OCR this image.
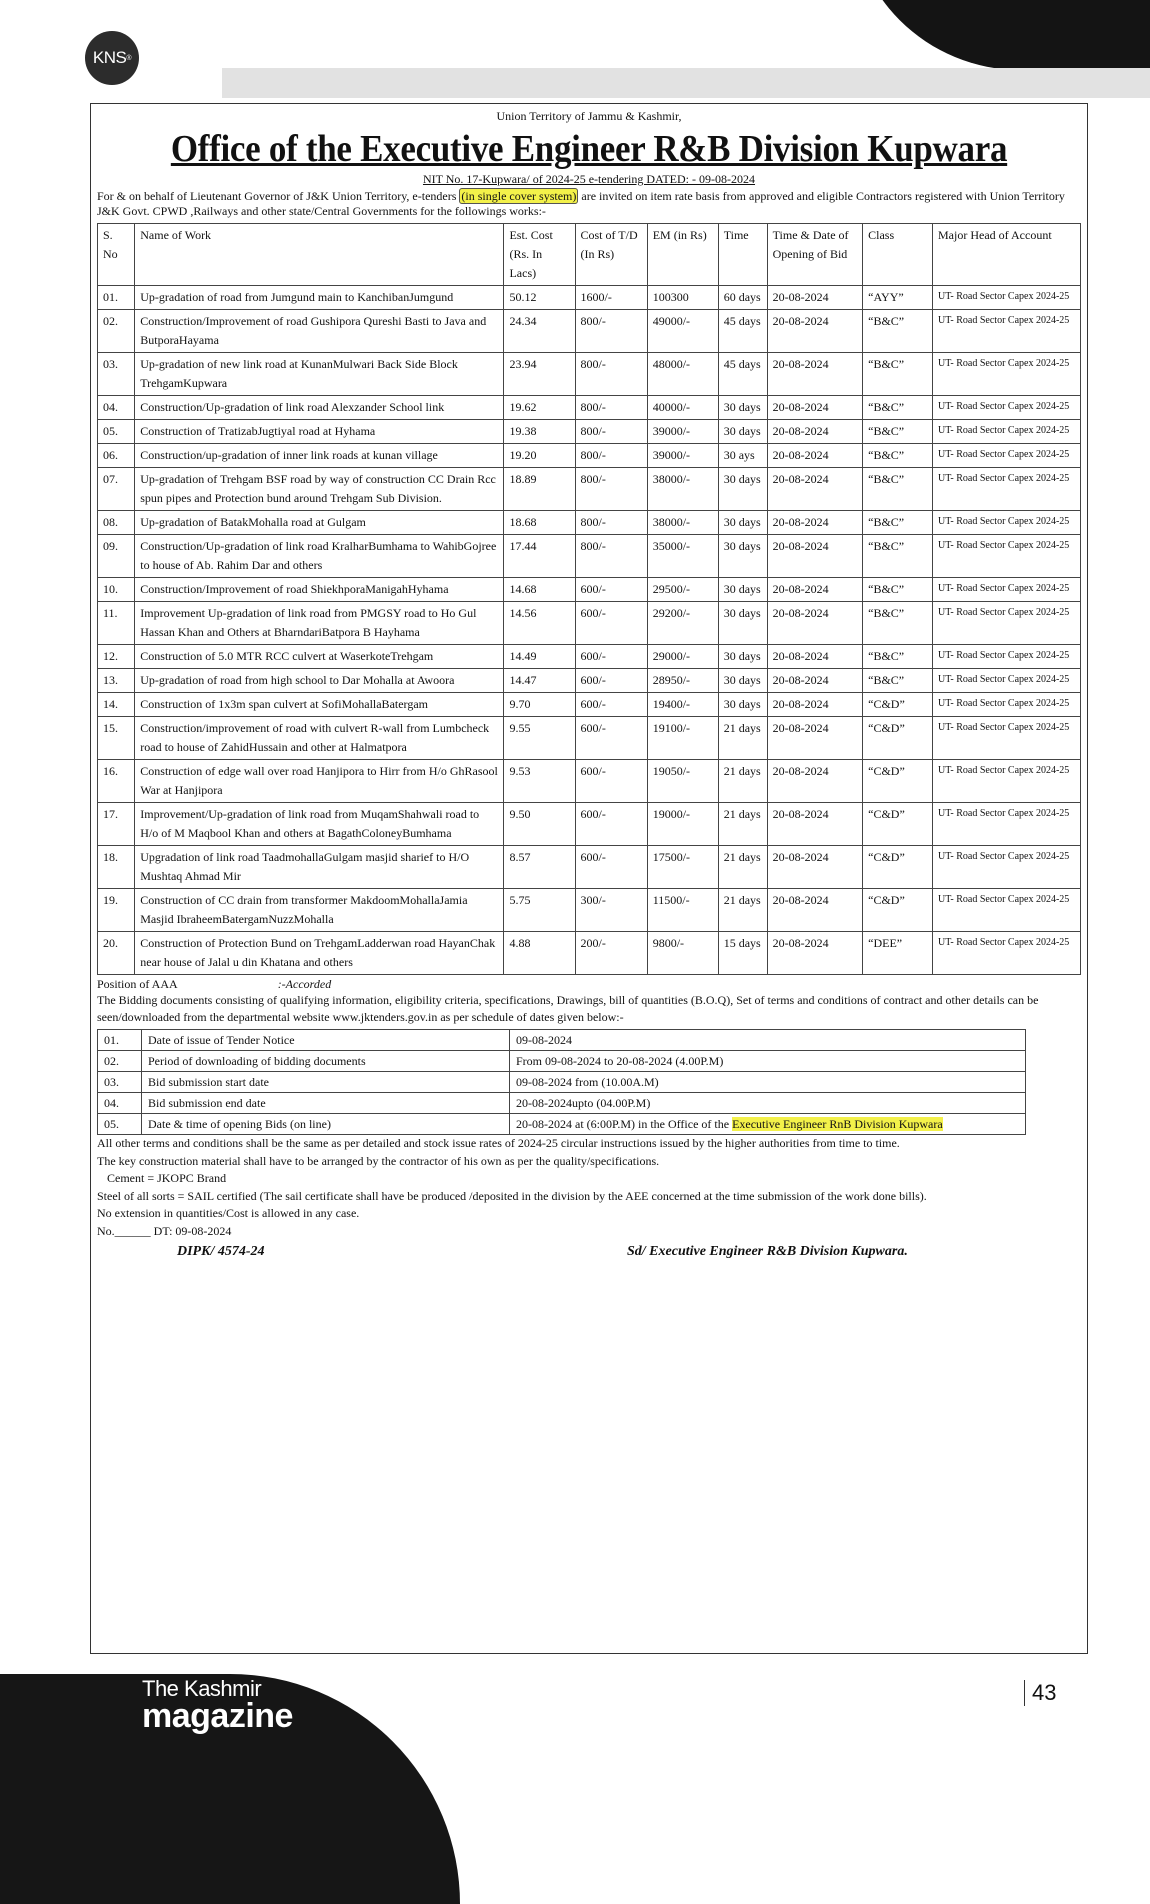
KNS ®
Union Territory of Jammu & Kashmir,
Office of the Executive Engineer R&B Division Kupwara
NIT No. 17-Kupwara/ of 2024-25 e-tendering DATED: - 09-08-2024
For & on behalf of Lieutenant Governor of J&K Union Territory, e-tenders (in single cover system) are invited on item rate basis from approved and eligible Contractors registered with Union Territory J&K Govt. CPWD ,Railways and other state/Central Governments for the followings works:-
S. No	Name of Work	Est. Cost (Rs. In Lacs)	Cost of T/D (In Rs)	EM (in Rs)	Time	Time & Date of Opening of Bid	Class	Major Head of Account
01.	Up-gradation of road from Jumgund main to KanchibanJumgund	50.12	1600/-	100300	60 days	20-08-2024	“AYY”	UT- Road Sector Capex 2024-25
02.	Construction/Improvement of road Gushipora Qureshi Basti to Java and ButporaHayama	24.34	800/-	49000/-	45 days	20-08-2024	“B&C”	UT- Road Sector Capex 2024-25
03.	Up-gradation of new link road at KunanMulwari Back Side Block TrehgamKupwara	23.94	800/-	48000/-	45 days	20-08-2024	“B&C”	UT- Road Sector Capex 2024-25
04.	Construction/Up-gradation of link road Alexzander School link	19.62	800/-	40000/-	30 days	20-08-2024	“B&C”	UT- Road Sector Capex 2024-25
05.	Construction of TratizabJugtiyal road at Hyhama	19.38	800/-	39000/-	30 days	20-08-2024	“B&C”	UT- Road Sector Capex 2024-25
06.	Construction/up-gradation of inner link roads at kunan village	19.20	800/-	39000/-	30 ays	20-08-2024	“B&C”	UT- Road Sector Capex 2024-25
07.	Up-gradation of Trehgam BSF road by way of construction CC Drain Rcc spun pipes and Protection bund around Trehgam Sub Division.	18.89	800/-	38000/-	30 days	20-08-2024	“B&C”	UT- Road Sector Capex 2024-25
08.	Up-gradation of BatakMohalla road at Gulgam	18.68	800/-	38000/-	30 days	20-08-2024	“B&C”	UT- Road Sector Capex 2024-25
09.	Construction/Up-gradation of link road KralharBumhama to WahibGojree to house of Ab. Rahim Dar and others	17.44	800/-	35000/-	30 days	20-08-2024	“B&C”	UT- Road Sector Capex 2024-25
10.	Construction/Improvement of road ShiekhporaManigahHyhama	14.68	600/-	29500/-	30 days	20-08-2024	“B&C”	UT- Road Sector Capex 2024-25
11.	Improvement Up-gradation of link road from PMGSY road to Ho Gul Hassan Khan and Others at BharndariBatpora B Hayhama	14.56	600/-	29200/-	30 days	20-08-2024	“B&C”	UT- Road Sector Capex 2024-25
12.	Construction of 5.0 MTR RCC culvert at WaserkoteTrehgam	14.49	600/-	29000/-	30 days	20-08-2024	“B&C”	UT- Road Sector Capex 2024-25
13.	Up-gradation of road from high school to Dar Mohalla at Awoora	14.47	600/-	28950/-	30 days	20-08-2024	“B&C”	UT- Road Sector Capex 2024-25
14.	Construction of 1x3m span culvert at SofiMohallaBatergam	9.70	600/-	19400/-	30 days	20-08-2024	“C&D”	UT- Road Sector Capex 2024-25
15.	Construction/improvement of road with culvert R-wall from Lumbcheck road to house of ZahidHussain and other at Halmatpora	9.55	600/-	19100/-	21 days	20-08-2024	“C&D”	UT- Road Sector Capex 2024-25
16.	Construction of edge wall over road Hanjipora to Hirr from H/o GhRasool War at Hanjipora	9.53	600/-	19050/-	21 days	20-08-2024	“C&D”	UT- Road Sector Capex 2024-25
17.	Improvement/Up-gradation of link road from MuqamShahwali road to H/o of M Maqbool Khan and others at BagathColoneyBumhama	9.50	600/-	19000/-	21 days	20-08-2024	“C&D”	UT- Road Sector Capex 2024-25
18.	Upgradation of link road TaadmohallaGulgam masjid sharief to H/O Mushtaq Ahmad Mir	8.57	600/-	17500/-	21 days	20-08-2024	“C&D”	UT- Road Sector Capex 2024-25
19.	Construction of CC drain from transformer MakdoomMohallaJamia Masjid IbraheemBatergamNuzzMohalla	5.75	300/-	11500/-	21 days	20-08-2024	“C&D”	UT- Road Sector Capex 2024-25
20.	Construction of Protection Bund on TrehgamLadderwan road HayanChak near house of Jalal u din Khatana and others	4.88	200/-	9800/-	15 days	20-08-2024	“DEE”	UT- Road Sector Capex 2024-25
Position of AAA	:-Accorded
The Bidding documents consisting of qualifying information, eligibility criteria, specifications, Drawings, bill of quantities (B.O.Q), Set of terms and conditions of contract and other details can be seen/downloaded from the departmental website www.jktenders.gov.in as per schedule of dates given below:-
01.	Date of issue of Tender Notice	09-08-2024
02.	Period of downloading of bidding documents	From 09-08-2024 to 20-08-2024 (4.00P.M)
03.	Bid submission start date	09-08-2024 from (10.00A.M)
04.	Bid submission end date	20-08-2024upto (04.00P.M)
05.	Date & time of opening Bids (on line)	20-08-2024 at (6:00P.M) in the Office of the Executive Engineer RnB Division Kupwara
All other terms and conditions shall be the same as per detailed and stock issue rates of 2024-25 circular instructions issued by the higher authorities from time to time.
The key construction material shall have to be arranged by the contractor of his own as per the quality/specifications.
Cement = JKOPC Brand
Steel of all sorts = SAIL certified (The sail certificate shall have be produced /deposited in the division by the AEE concerned at the time submission of the work done bills).
No extension in quantities/Cost is allowed in any case.
No.______ DT: 09-08-2024
DIPK/ 4574-24	Sd/ Executive Engineer R&B Division Kupwara.
The Kashmir
magazine
43
